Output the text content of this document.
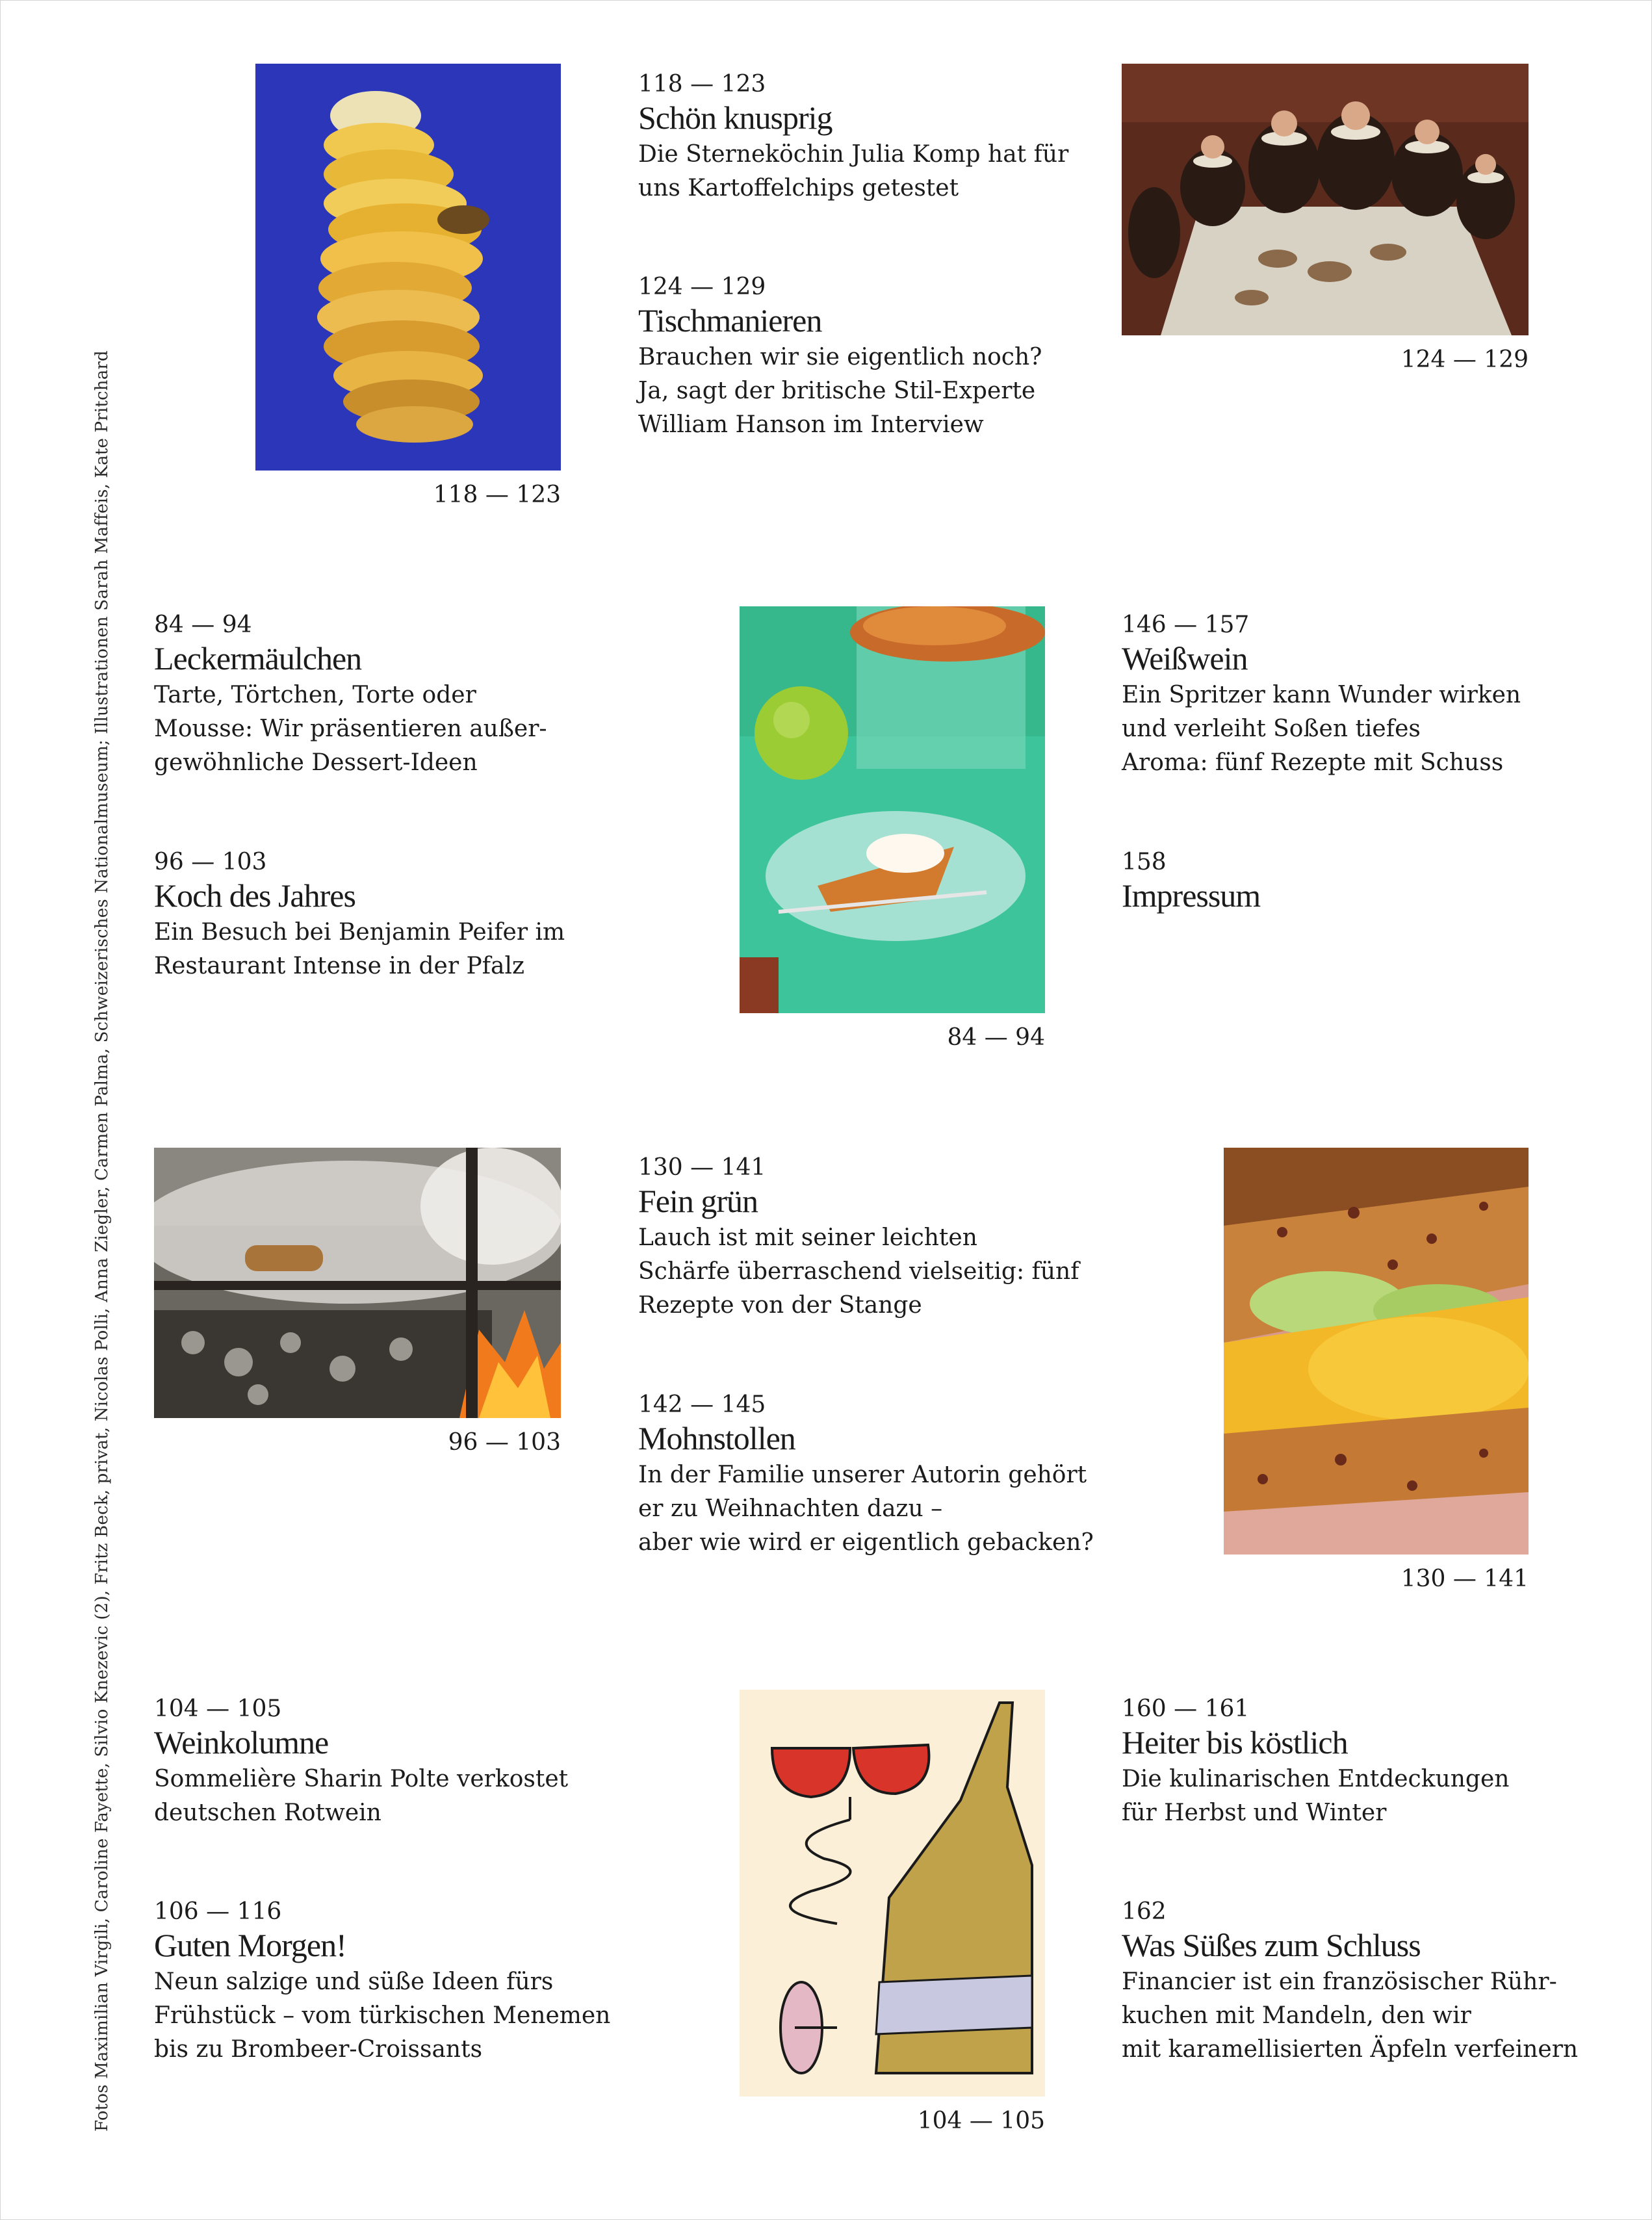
Fotos Maximilian Virgili, Caroline Fayette, Silvio Knezevic (2), Fritz Beck, privat, Nicolas Polli, Anna Ziegler, Carmen Palma, Schweizerisches Nationalmuseum; Illustrationen Sarah Maffeis, Kate Pritchard	118 — 123
118 — 123
Schön knusprig
Die Sterneköchin Julia Komp hat für
uns Kartoffelchips getestet
124 — 129
Tischmanieren
Brauchen wir sie eigentlich noch?
Ja, sagt der britische Stil-Experte
William Hanson im Interview
124 — 129
84 — 94
Leckermäulchen
Tarte, Törtchen, Torte oder
Mousse: Wir präsentieren außer-
gewöhnliche Dessert-Ideen
96 — 103
Koch des Jahres
Ein Besuch bei Benjamin Peifer im
Restaurant Intense in der Pfalz
84 — 94
146 — 157
Weißwein
Ein Spritzer kann Wunder wirken
und verleiht Soßen tiefes
Aroma: fünf Rezepte mit Schuss
158
Impressum
96 — 103
130 — 141
Fein grün
Lauch ist mit seiner leichten
Schärfe überraschend vielseitig: fünf
Rezepte von der Stange
142 — 145
Mohnstollen
In der Familie unserer Autorin gehört
er zu Weihnachten dazu –
aber wie wird er eigentlich gebacken?
130 — 141
104 — 105
Weinkolumne
Sommelière Sharin Polte verkostet
deutschen Rotwein
106 — 116
Guten Morgen!
Neun salzige und süße Ideen fürs
Frühstück – vom türkischen Menemen
bis zu Brombeer-Croissants
104 — 105
160 — 161
Heiter bis köstlich
Die kulinarischen Entdeckungen
für Herbst und Winter
162
Was Süßes zum Schluss
Financier ist ein französischer Rühr-
kuchen mit Mandeln, den wir
mit karamellisierten Äpfeln verfeinern
